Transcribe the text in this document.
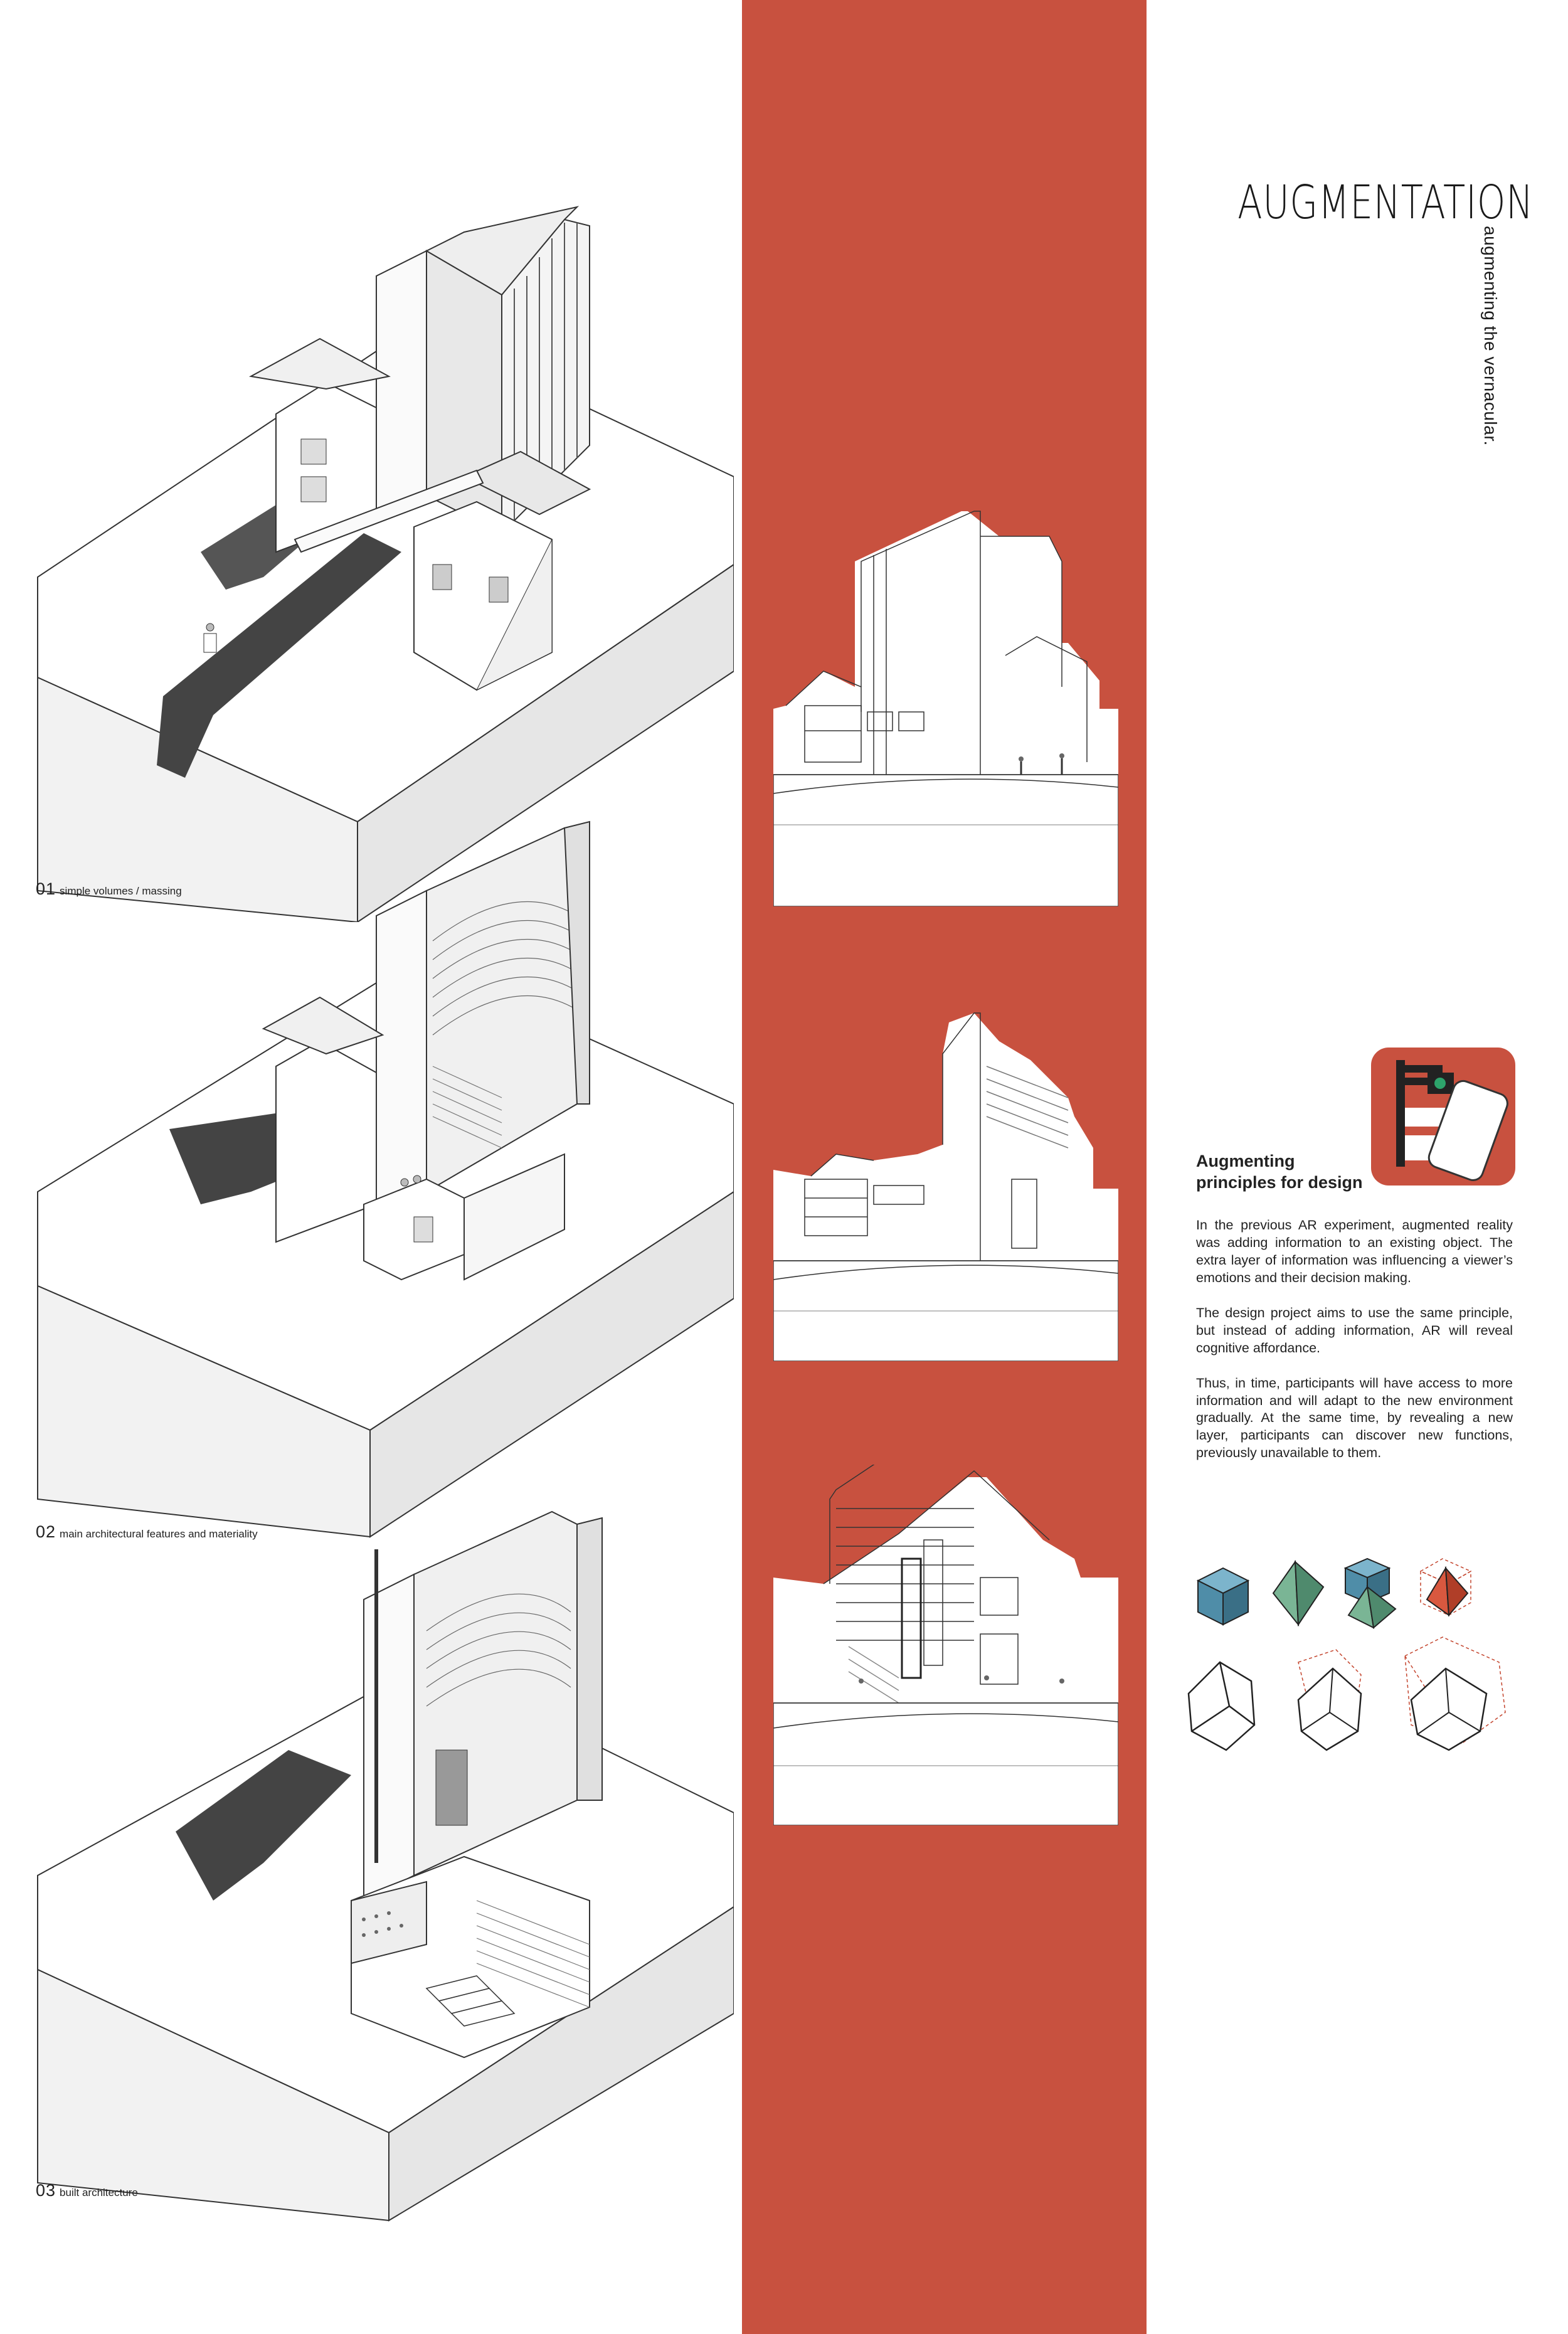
01 simple volumes / massing
02 main architectural features and materiality
03 built architecture
AUGMENTATION
augmenting the vernacular.
Augmenting
principles for design

In the previous AR experiment, augmented reality was adding information to an existing object. The extra layer of information was influencing a viewer’s emotions and their decision making.

The design project aims to use the same principle, but instead of adding information, AR will reveal cognitive affordance.

Thus, in time, participants will have access to more information and will adapt to the new environment gradually. At the same time, by revealing a new layer, participants can discover new functions, previously unavailable to them.
